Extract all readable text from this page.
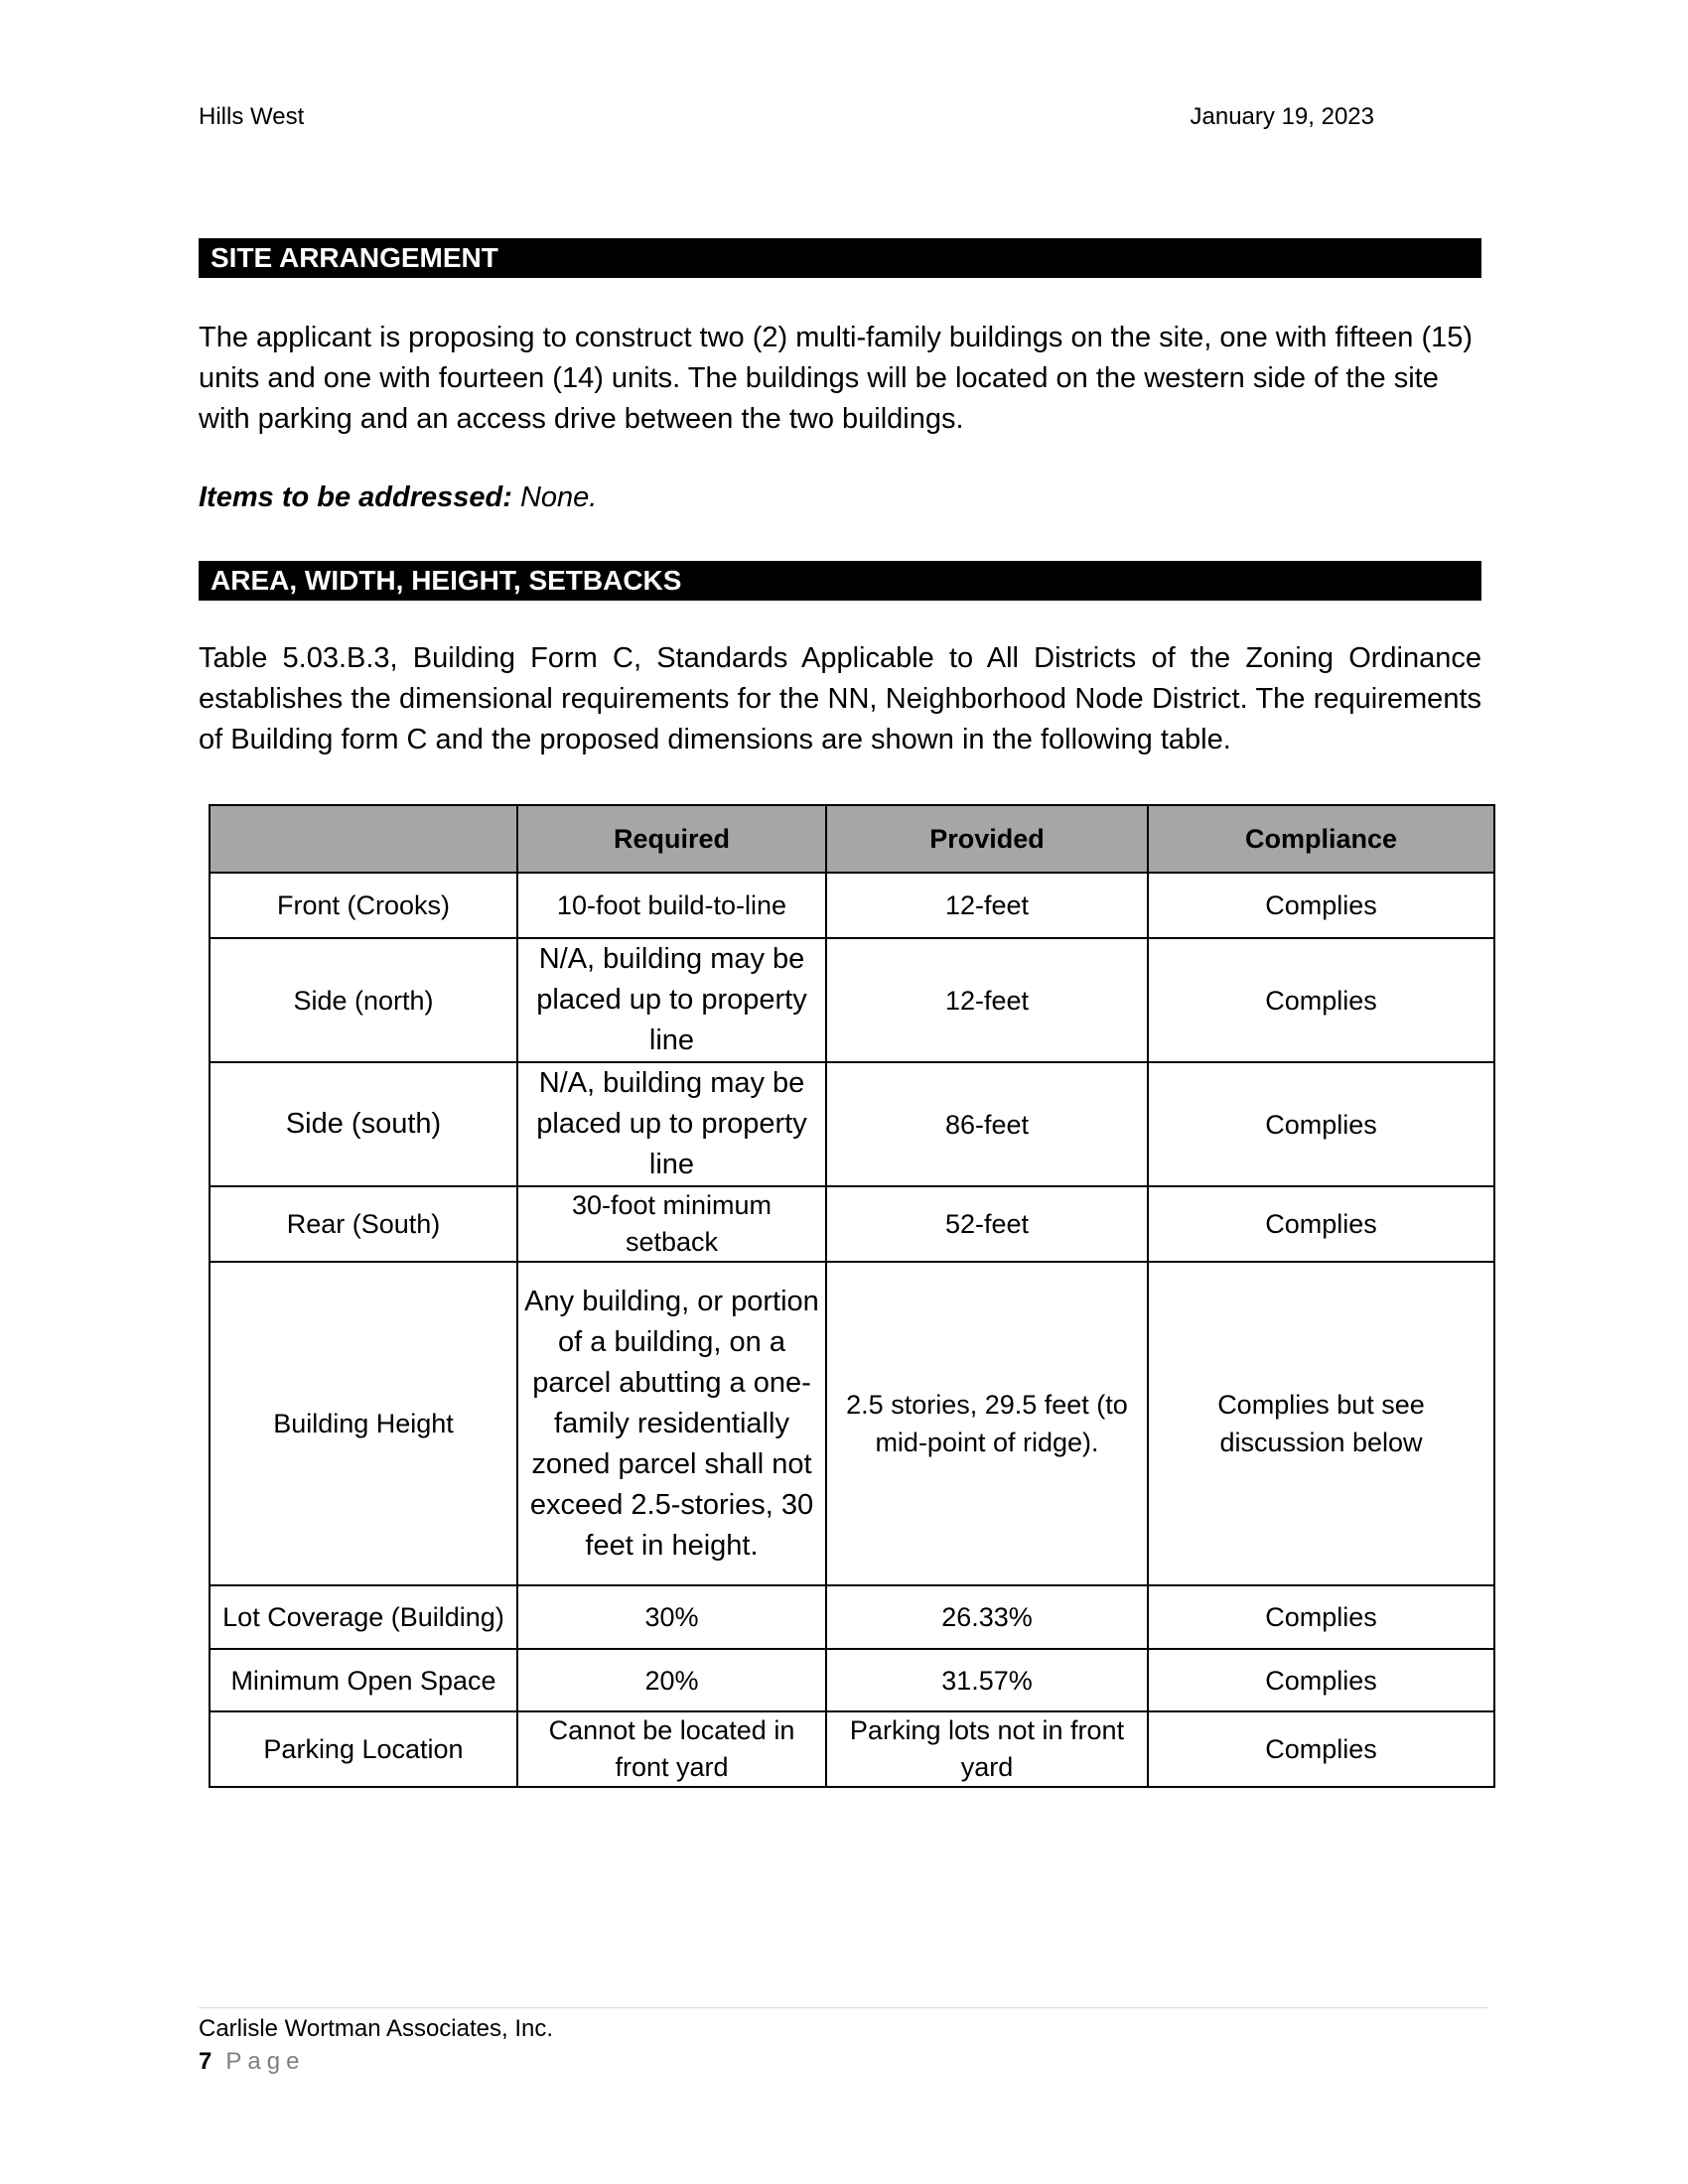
Hills West	January 19, 2023
SITE ARRANGEMENT

The applicant is proposing to construct two (2) multi-family buildings on the site, one with fifteen (15) units and one with fourteen (14) units. The buildings will be located on the western side of the site with parking and an access drive between the two buildings.

Items to be addressed: None.

AREA, WIDTH, HEIGHT, SETBACKS

Table 5.03.B.3, Building Form C, Standards Applicable to All Districts of the Zoning Ordinance establishes the dimensional requirements for the NN, Neighborhood Node District. The requirements of Building form C and the proposed dimensions are shown in the following table.

	Required	Provided	Compliance
Front (Crooks)	10-foot build-to-line	12-feet	Complies
Side (north)	N/A, building may be placed up to property line	12-feet	Complies
Side (south)	N/A, building may be placed up to property line	86-feet	Complies
Rear (South)	30-foot minimum setback	52-feet	Complies
Building Height	Any building, or portion of a building, on a parcel abutting a one-family residentially zoned parcel shall not exceed 2.5-stories, 30 feet in height.	2.5 stories, 29.5 feet (to mid-point of ridge).	Complies but see discussion below
Lot Coverage (Building)	30%	26.33%	Complies
Minimum Open Space	20%	31.57%	Complies
Parking Location	Cannot be located in front yard	Parking lots not in front yard	Complies
Carlisle Wortman Associates, Inc.
7 Page
